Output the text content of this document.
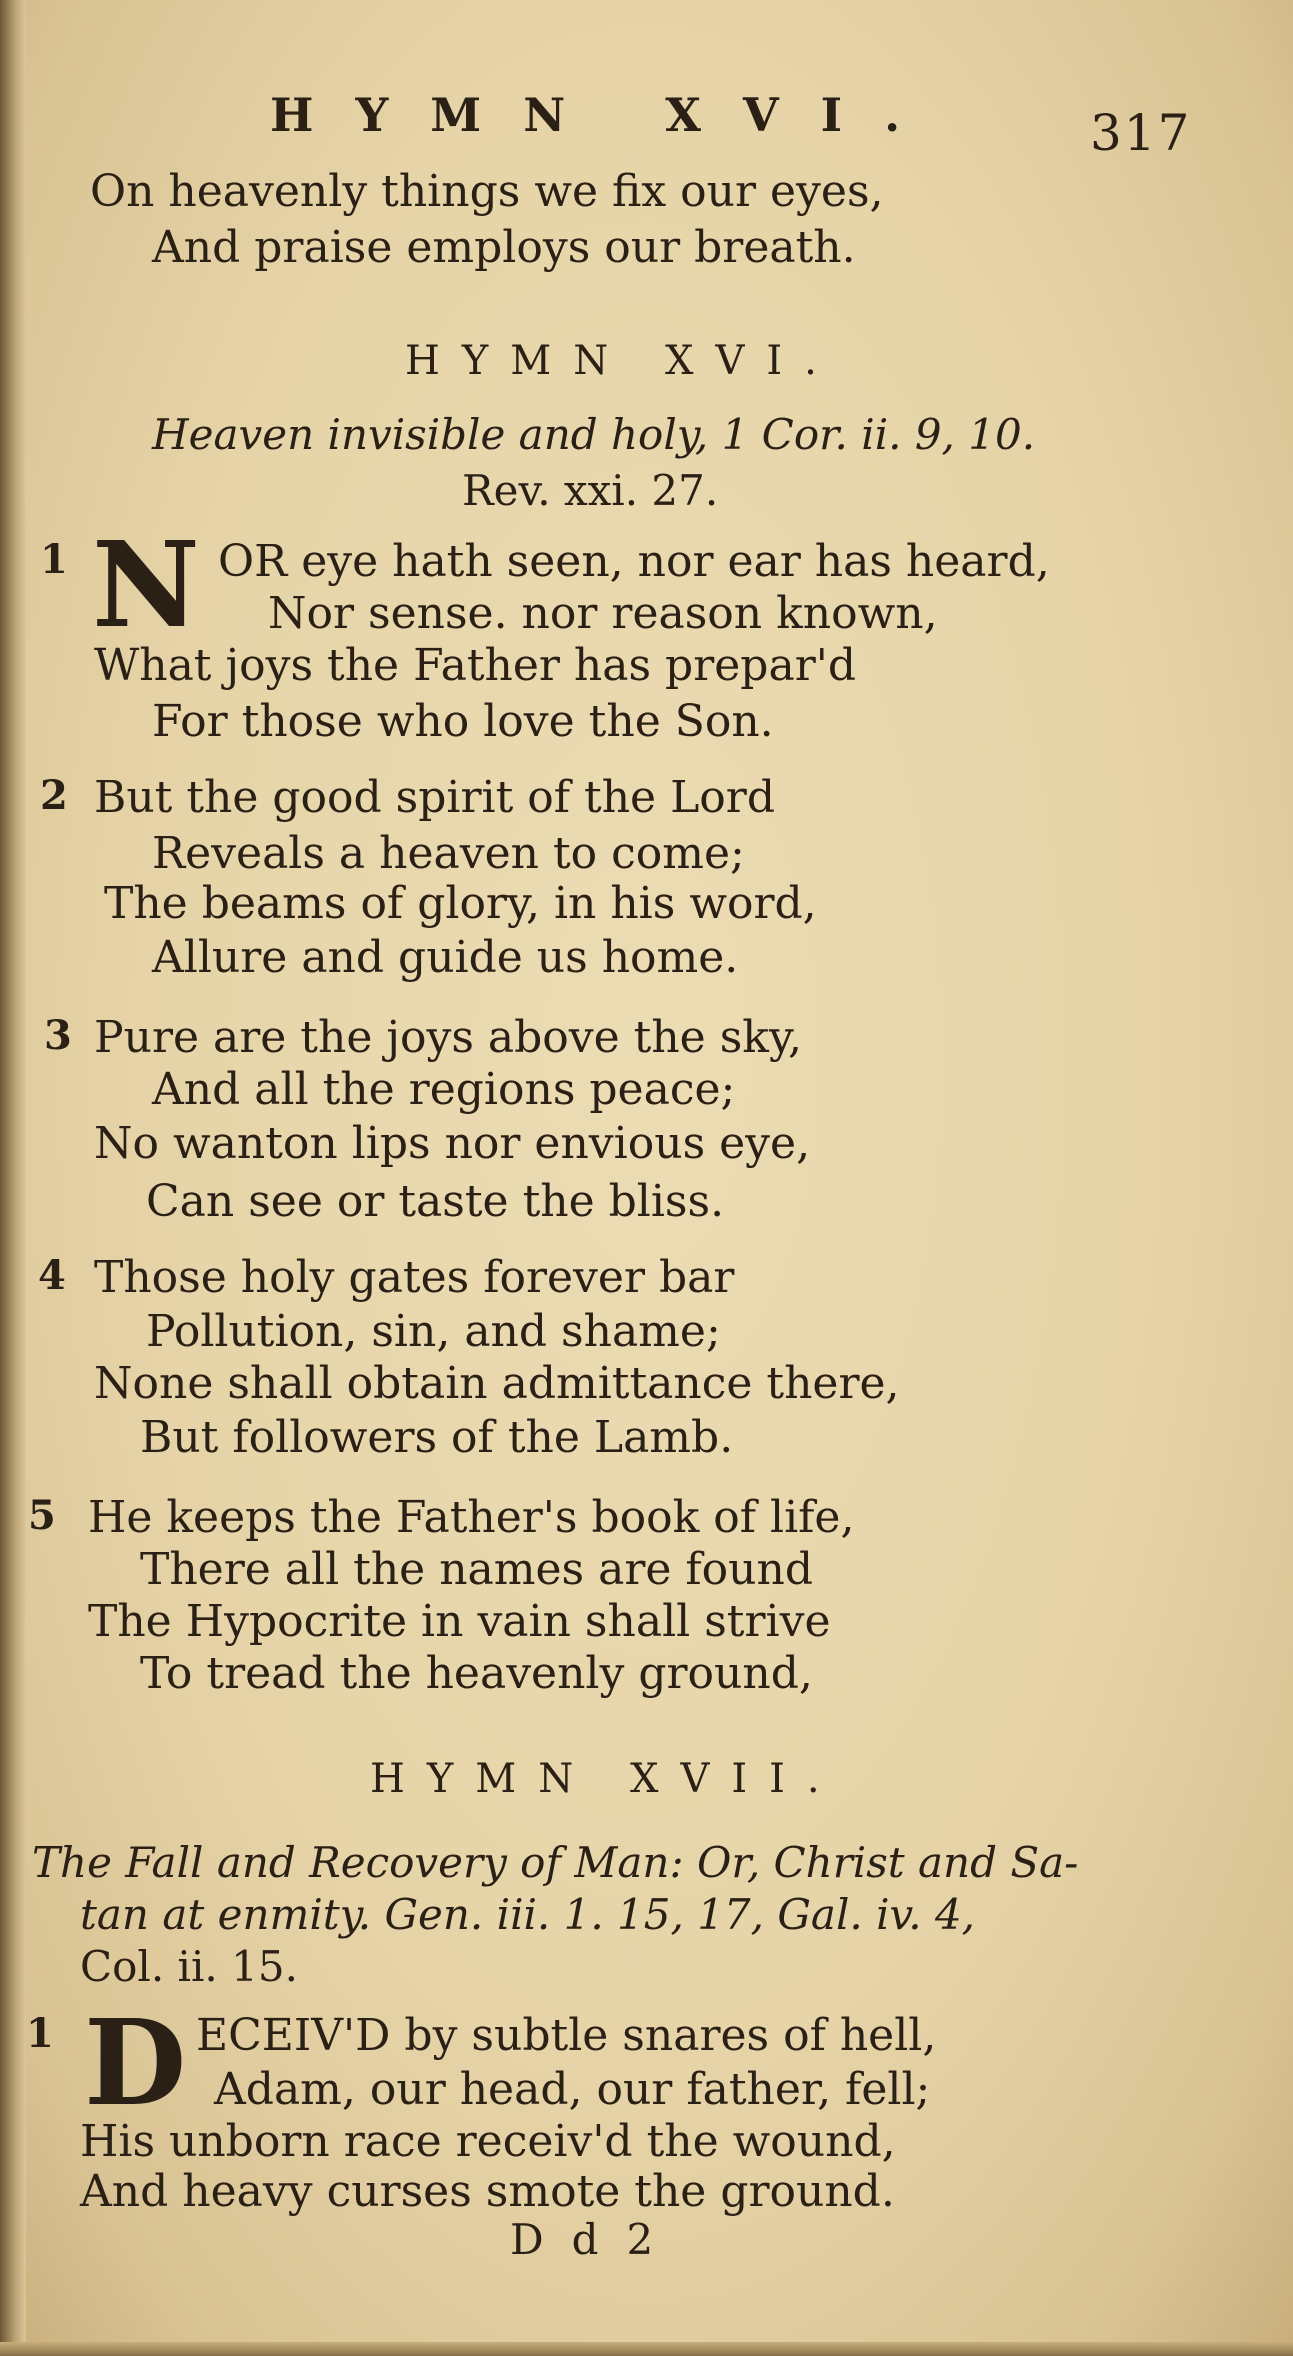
HYMN XVI.	317
On heavenly things we fix our eyes,
And praise employs our breath.
HYMN XVI.
Heaven invisible and holy, 1 Cor. ii. 9, 10.
Rev. xxi. 27.
1 N OR eye hath seen, nor ear has heard,
Nor sense. nor reason known,
What joys the Father has prepar'd
For those who love the Son.
2 But the good spirit of the Lord
Reveals a heaven to come;
The beams of glory, in his word,
Allure and guide us home.
3 Pure are the joys above the sky,
And all the regions peace;
No wanton lips nor envious eye,
Can see or taste the bliss.
4 Those holy gates forever bar
Pollution, sin, and shame;
None shall obtain admittance there,
But followers of the Lamb.
5 He keeps the Father's book of life,
There all the names are found
The Hypocrite in vain shall strive
To tread the heavenly ground,
HYMN XVII.
The Fall and Recovery of Man: Or, Christ and Sa-
tan at enmity. Gen. iii. 1. 15, 17, Gal. iv. 4,
Col. ii. 15.
1 D ECEIV'D by subtle snares of hell,
Adam, our head, our father, fell;
His unborn race receiv'd the wound,
And heavy curses smote the ground.
Dd2
